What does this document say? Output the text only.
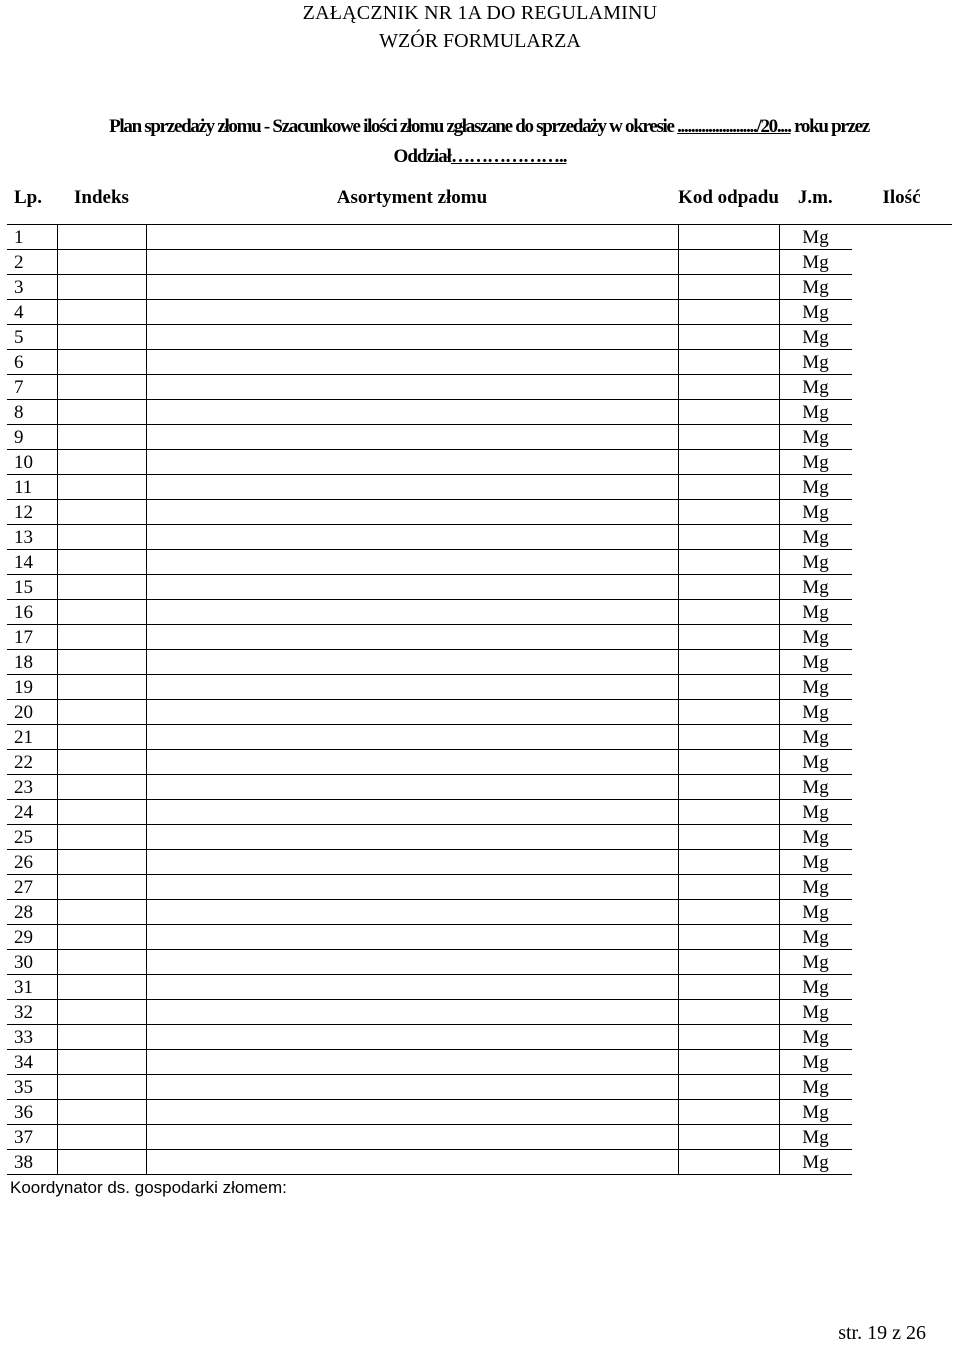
ZAŁĄCZNIK NR 1A DO REGULAMINU
WZÓR FORMULARZA
Plan sprzedaży złomu - Szacunkowe ilości złomu zgłaszane do sprzedaży w okresie ......................./20.... roku przez
Oddział………………..
Lp.	Indeks	Asortyment złomu	Kod odpadu	J.m.	Ilość
1				Mg	
2				Mg	
3				Mg	
4				Mg	
5				Mg	
6				Mg	
7				Mg	
8				Mg	
9				Mg	
10				Mg	
11				Mg	
12				Mg	
13				Mg	
14				Mg	
15				Mg	
16				Mg	
17				Mg	
18				Mg	
19				Mg	
20				Mg	
21				Mg	
22				Mg	
23				Mg	
24				Mg	
25				Mg	
26				Mg	
27				Mg	
28				Mg	
29				Mg	
30				Mg	
31				Mg	
32				Mg	
33				Mg	
34				Mg	
35				Mg	
36				Mg	
37				Mg	
38				Mg	
Koordynator ds. gospodarki złomem:
str. 19 z 26
